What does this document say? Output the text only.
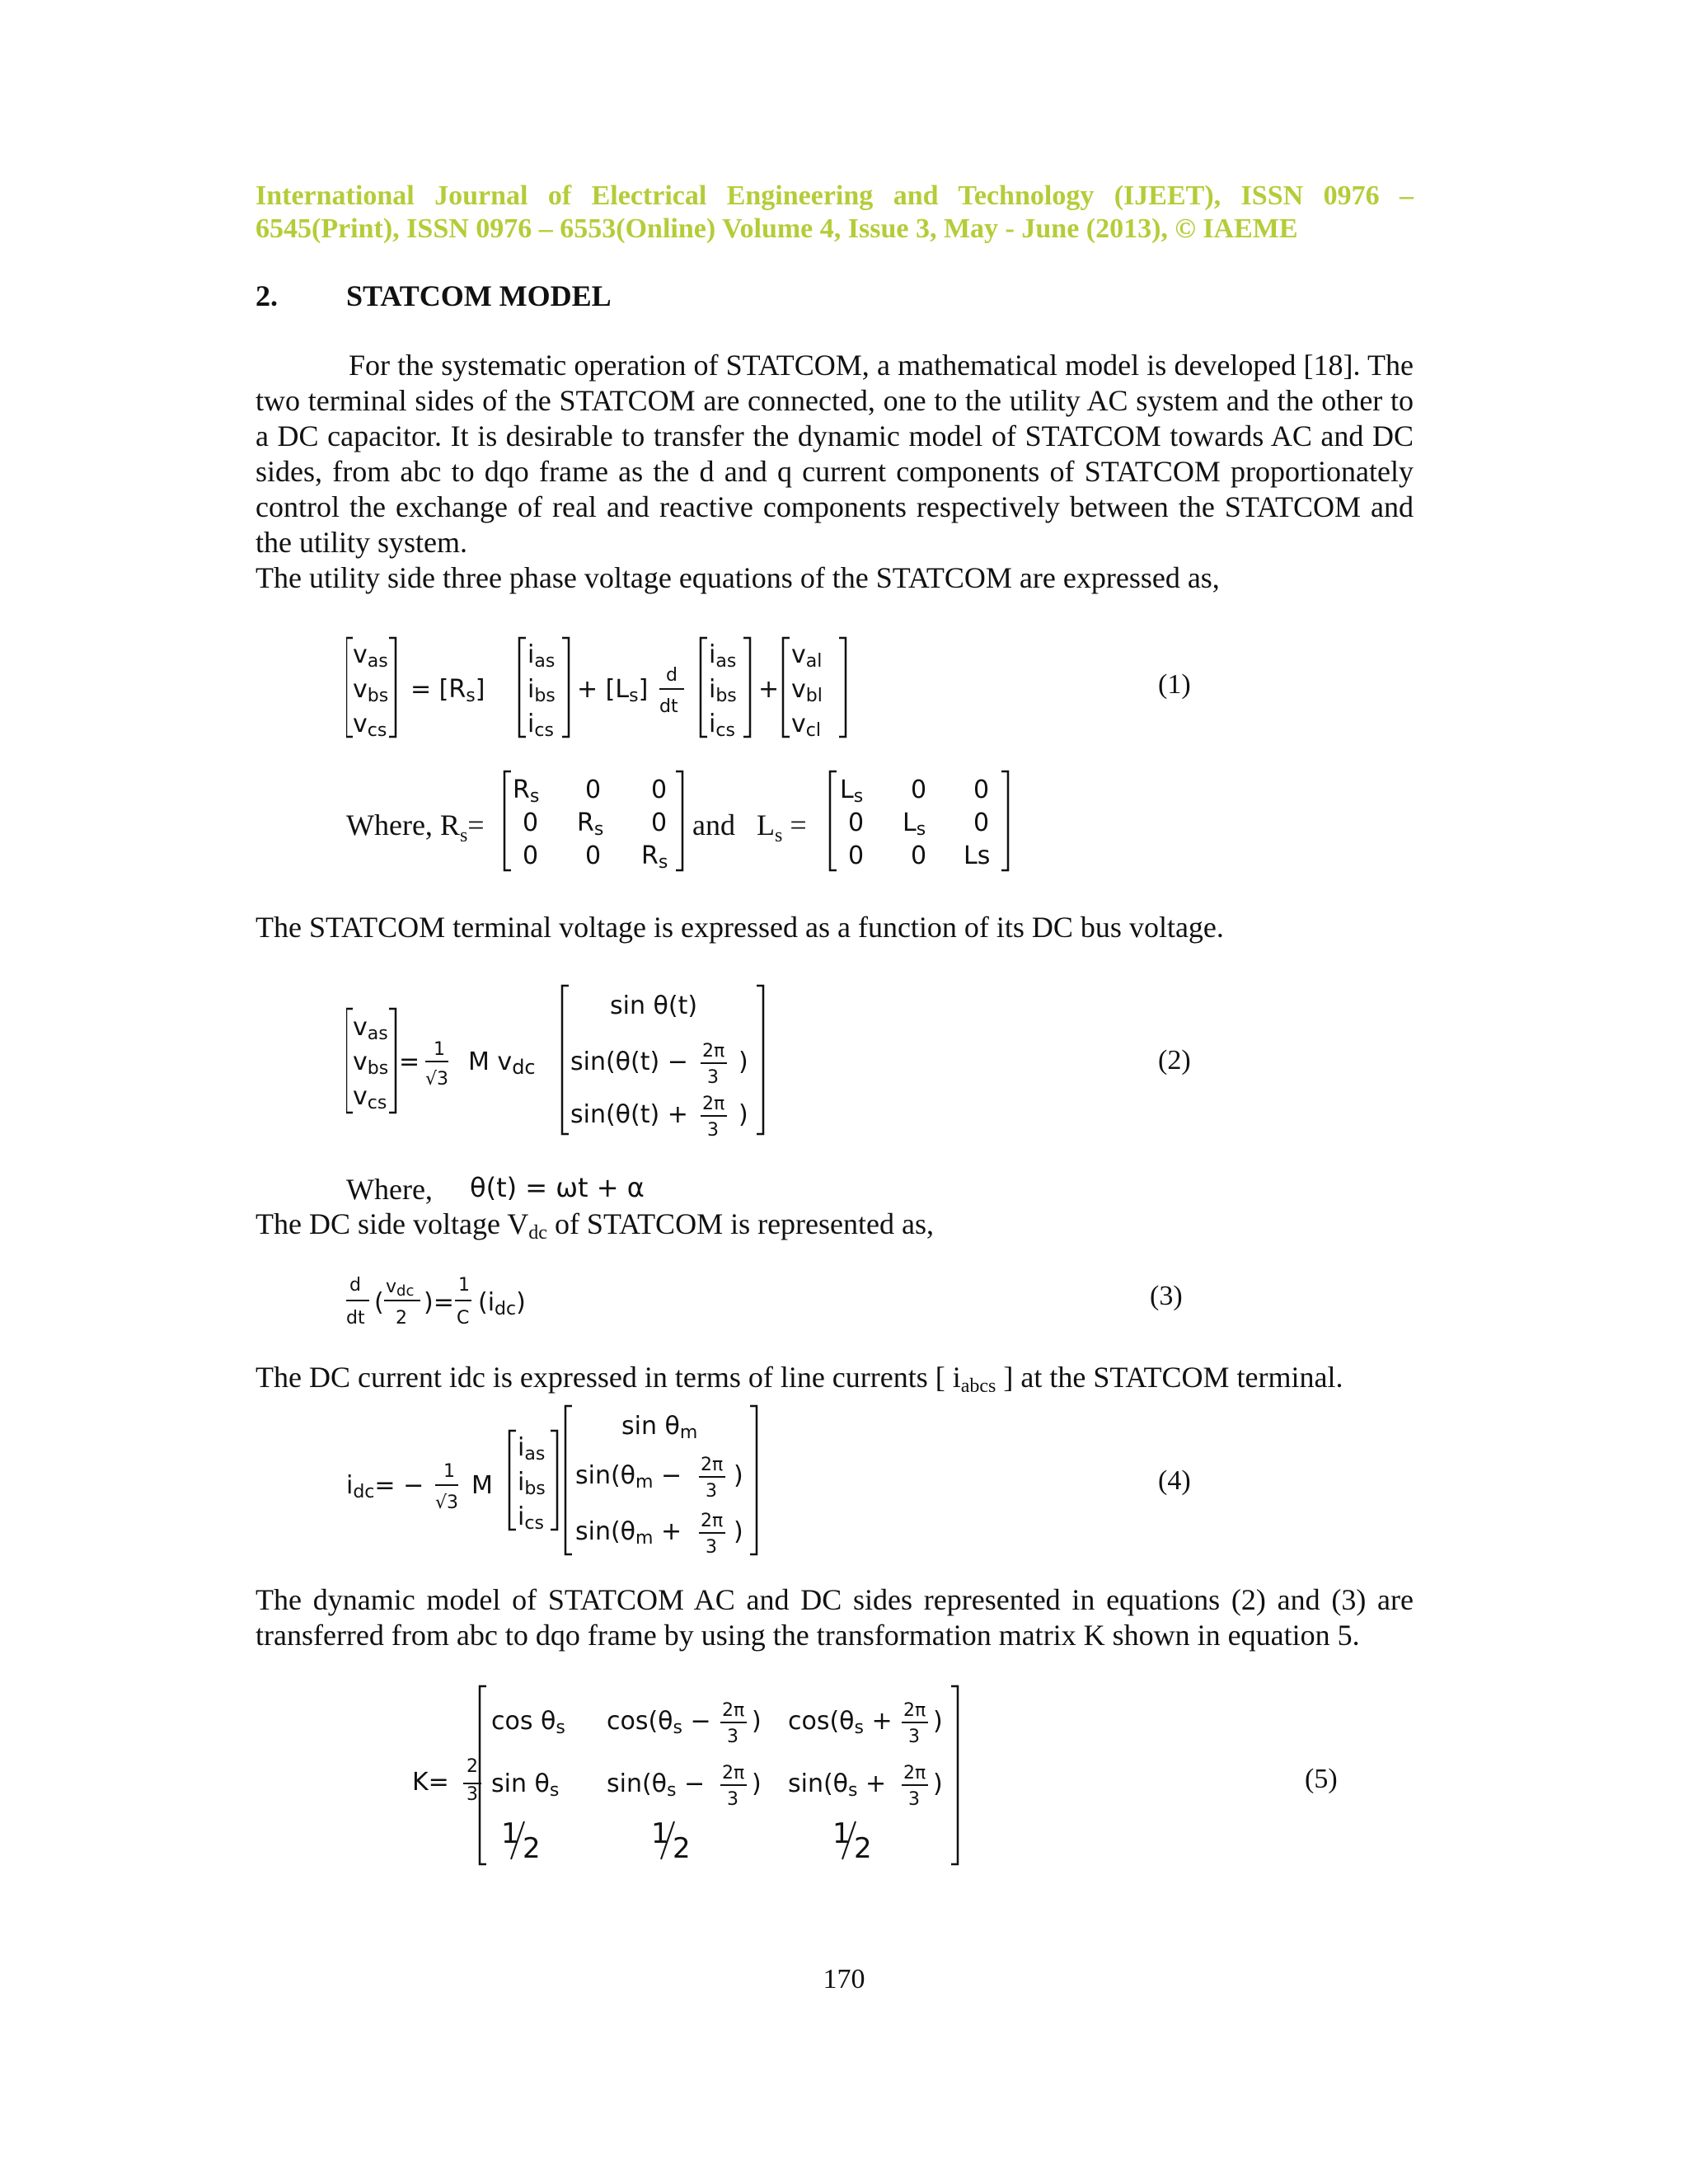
International Journal of Electrical Engineering and Technology (IJEET), ISSN 0976 –
6545(Print), ISSN 0976 – 6553(Online) Volume 4, Issue 3, May - June (2013), © IAEME
2. STATCOM MODEL
For the systematic operation of STATCOM, a mathematical model is developed [18]. The two terminal sides of the STATCOM are connected, one to the utility AC system and the other to a DC capacitor. It is desirable to transfer the dynamic model of STATCOM towards AC and DC sides, from abc to dqo frame as the d and q current components of STATCOM proportionately control the exchange of real and reactive components respectively between the STATCOM and the utility system.
The utility side three phase voltage equations of the STATCOM are expressed as,
vas
vbs
vcs
= [Rs]
ias
ibs
ics
+ [Ls] d
dt
ias
ibs
ics
+
val
vbl
vcl
(1)
Where, $R_s=$
Rs 0 0
0 Rs 0
0 0 Rs
and $L_s$ =
Ls 0 0
0 Ls 0
0 0 Ls
The STATCOM terminal voltage is expressed as a function of its DC bus voltage.
vas
vbs
vcs
= 1
√3
M vdc
sin θ(t)
sin(θ(t) − 2π
3
)
sin(θ(t) + 2π
3
)
(2)
Where, θ(t) = ωt + α
The DC side voltage Vdc of STATCOM is represented as,
d
dt
(
vdc
2
)=
1
C
(idc)	(3)
The DC current idc is expressed in terms of line currents [ iabcs ] at the STATCOM terminal.
idc= − 1
√3
M
ias
ibs
ics
sin θm
sin(θm − 2π
3
)
sin(θm + 2π
3
)
(4)
The dynamic model of STATCOM AC and DC sides represented in equations (2) and (3) are transferred from abc to dqo frame by using the transformation matrix K shown in equation 5.
K=
2
3
cos θs cos(θs − 2π
3
) cos(θs + 2π
3
)
sin θs sin(θs − 2π
3
) sin(θs + 2π
3
)
1 2	1 2	1 2
(5)
170
